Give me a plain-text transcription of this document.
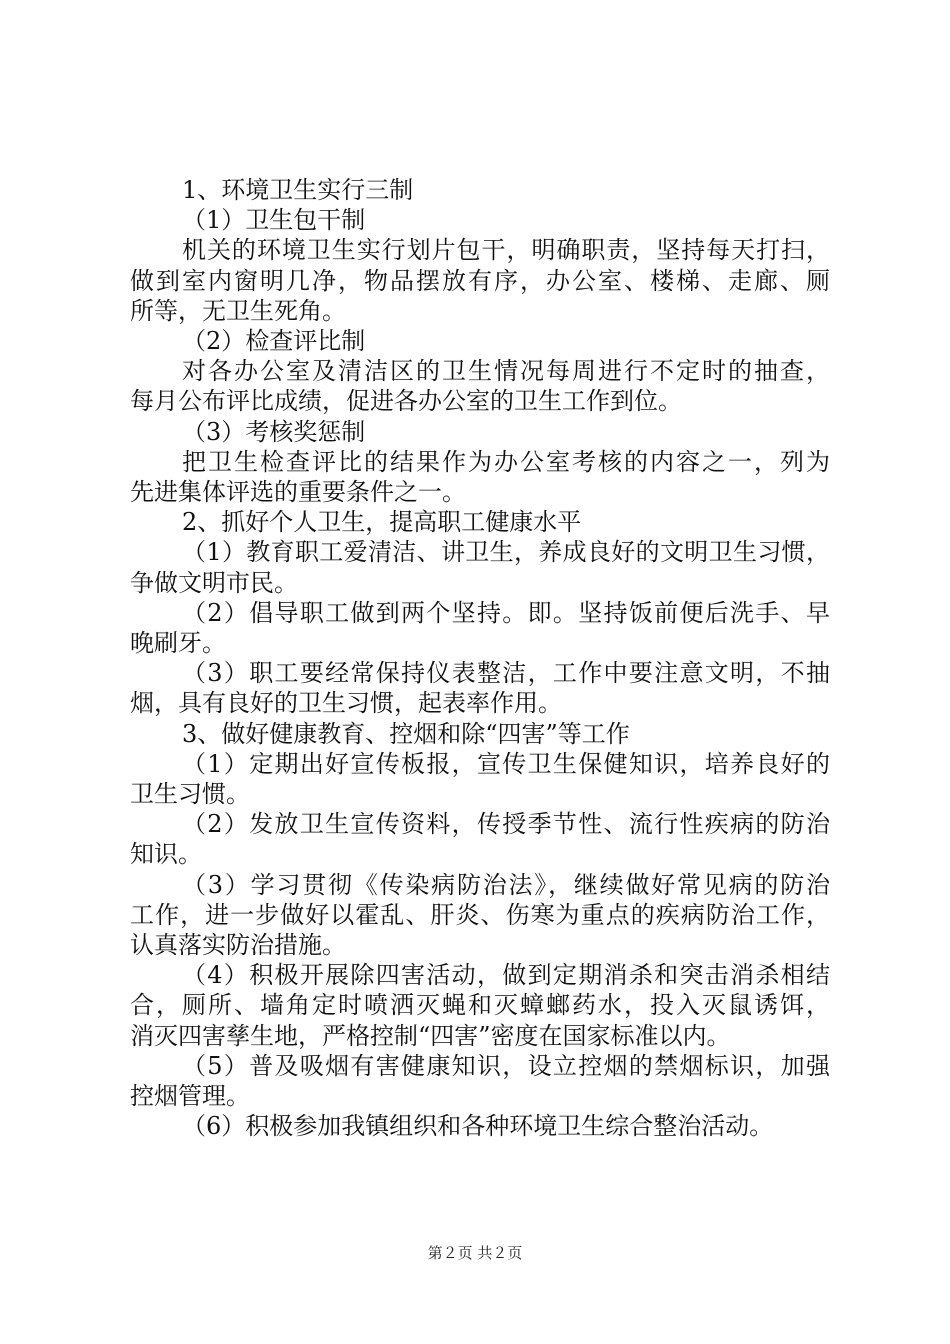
1、环境卫生实行三制
（1）卫生包干制
机关的环境卫生实行划片包干，明确职责，坚持每天打扫，
做到室内窗明几净，物品摆放有序，办公室、楼梯、走廊、厕
所等，无卫生死角。
（2）检查评比制
对各办公室及清洁区的卫生情况每周进行不定时的抽查，
每月公布评比成绩，促进各办公室的卫生工作到位。
（3）考核奖惩制
把卫生检查评比的结果作为办公室考核的内容之一，列为
先进集体评选的重要条件之一。
2、抓好个人卫生，提高职工健康水平
（1）教育职工爱清洁、讲卫生，养成良好的文明卫生习惯，
争做文明市民。
（2）倡导职工做到两个坚持。即。坚持饭前便后洗手、早
晚刷牙。
（3）职工要经常保持仪表整洁，工作中要注意文明，不抽
烟，具有良好的卫生习惯，起表率作用。
3、做好健康教育、控烟和除“四害”等工作
（1）定期出好宣传板报，宣传卫生保健知识，培养良好的
卫生习惯。
（2）发放卫生宣传资料，传授季节性、流行性疾病的防治
知识。
（3）学习贯彻《传染病防治法》，继续做好常见病的防治
工作，进一步做好以霍乱、肝炎、伤寒为重点的疾病防治工作，
认真落实防治措施。
（4）积极开展除四害活动，做到定期消杀和突击消杀相结
合，厕所、墙角定时喷洒灭蝇和灭蟑螂药水，投入灭鼠诱饵，
消灭四害孳生地，严格控制“四害”密度在国家标准以内。
（5）普及吸烟有害健康知识，设立控烟的禁烟标识，加强
控烟管理。
（6）积极参加我镇组织和各种环境卫生综合整治活动。
第２页 共２页
